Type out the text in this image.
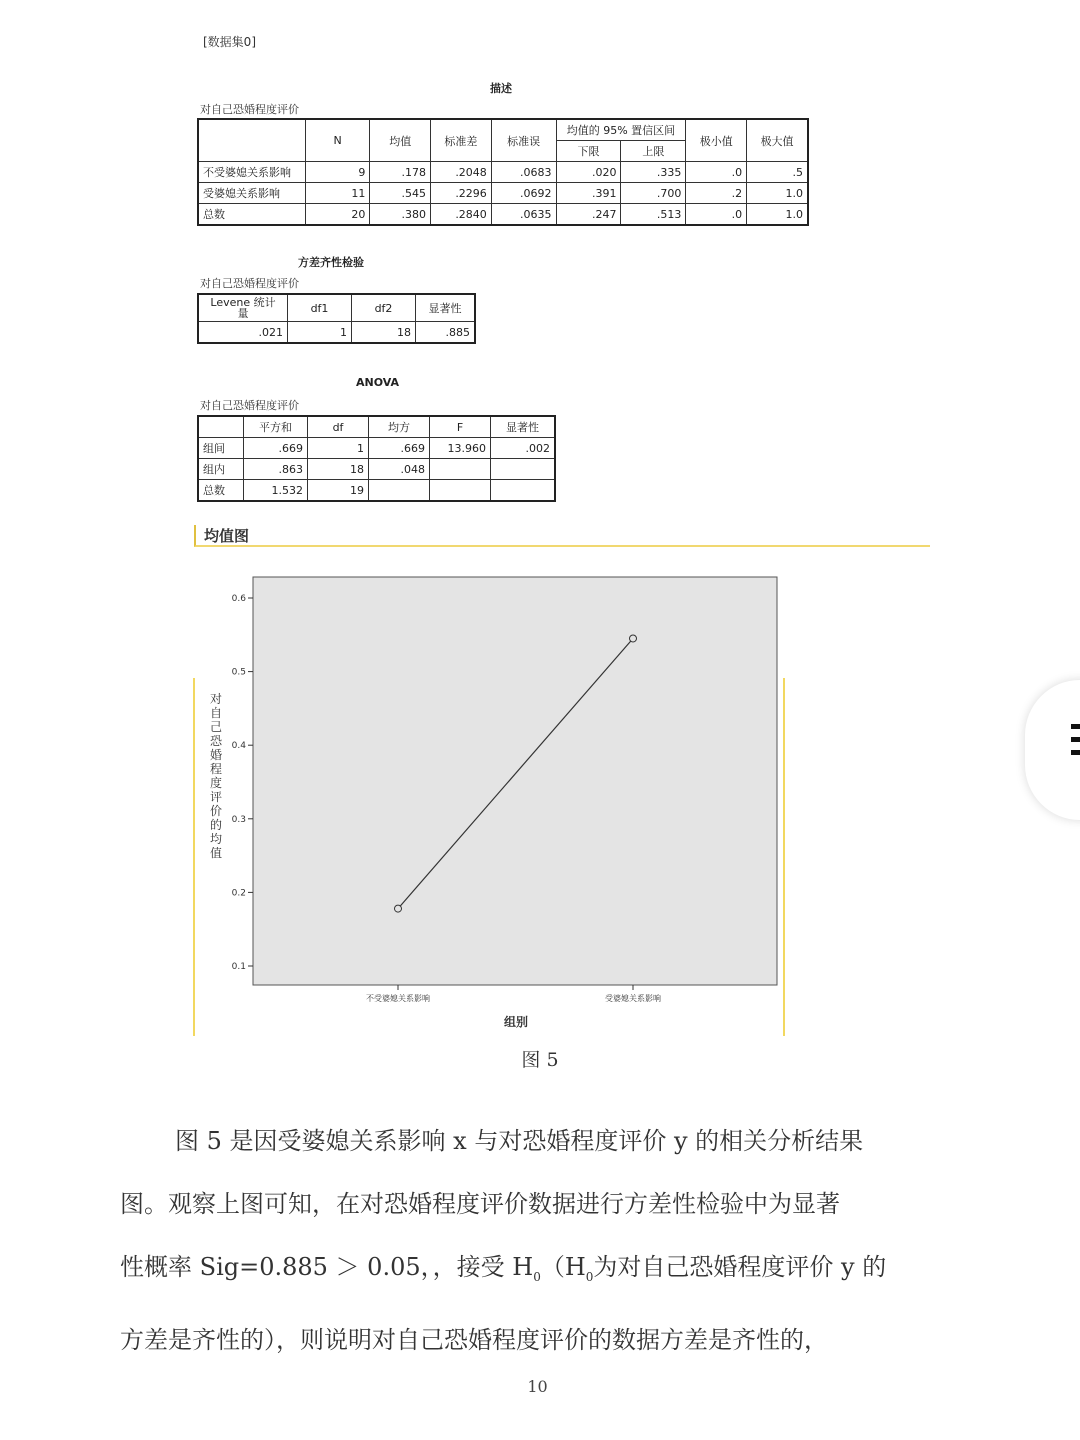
[数据集0]
描述
对自己恐婚程度评价
	N	均值	标准差	标准误	均值的 95% 置信区间		极小值	极大值
					下限	上限		
不受婆媳关系影响	9	.178	.2048	.0683	.020	.335	.0	.5
受婆媳关系影响	11	.545	.2296	.0692	.391	.700	.2	1.0
总数	20	.380	.2840	.0635	.247	.513	.0	1.0
方差齐性检验
对自己恐婚程度评价
Levene 统计
量	df1	df2	显著性
.021	1	18	.885
ANOVA
对自己恐婚程度评价
	平方和	df	均方	F	显著性
组间	.669	1	.669	13.960	.002
组内	.863	18	.048		
总数	1.532	19			
均值图
0.1
0.2
0.3
0.4
0.5
0.6
不受婆媳关系影响	受婆媳关系影响
对自己恐婚程度评价的均值
组别
图 5

图 5 是因受婆媳关系影响 x 与对恐婚程度评价 y 的相关分析结果

图。观察上图可知，在对恐婚程度评价数据进行方差性检验中为显著

性概率 Sig=0.885 ＞ 0.05，，接受 $H_0(H_0$为对自己恐婚程度评价 y 的

方差是齐性的），则说明对自己恐婚程度评价的数据方差是齐性的，

10
